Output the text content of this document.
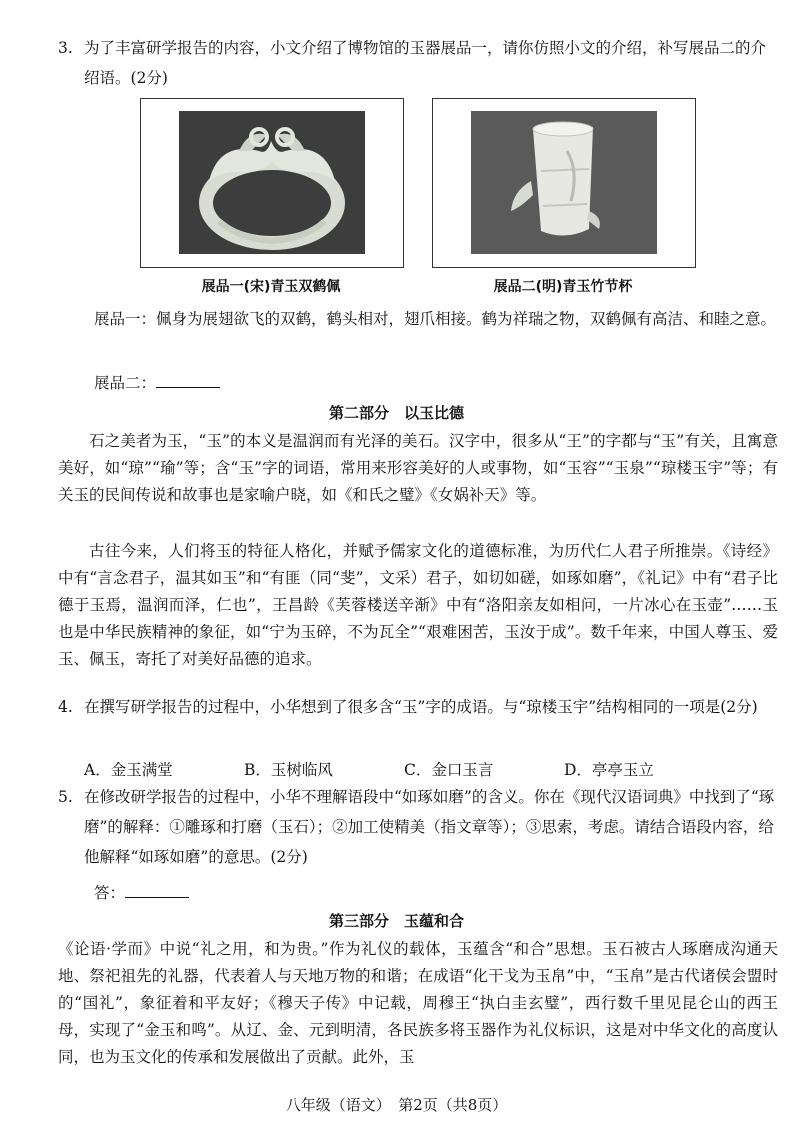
3. 为了丰富研学报告的内容，小文介绍了博物馆的玉器展品一，请你仿照小文的介绍，补写展品二的介绍语。(2分)
展品一(宋)青玉双鹤佩	展品二(明)青玉竹节杯
展品一：佩身为展翅欲飞的双鹤，鹤头相对，翅爪相接。鹤为祥瑞之物，双鹤佩有高洁、和睦之意。
展品二：
第二部分　以玉比德
石之美者为玉，“玉”的本义是温润而有光泽的美石。汉字中，很多从“王”的字都与“玉”有关，且寓意美好，如“琼”“瑜”等；含“玉”字的词语，常用来形容美好的人或事物，如“玉容”“玉泉”“琼楼玉宇”等；有关玉的民间传说和故事也是家喻户晓，如《和氏之璧》《女娲补天》等。
古往今来，人们将玉的特征人格化，并赋予儒家文化的道德标准，为历代仁人君子所推崇。《诗经》中有“言念君子，温其如玉”和“有匪（同“斐”，文采）君子，如切如磋，如琢如磨”，《礼记》中有“君子比德于玉焉，温润而泽，仁也”，王昌龄《芙蓉楼送辛渐》中有“洛阳亲友如相问，一片冰心在玉壶”……玉也是中华民族精神的象征，如“宁为玉碎，不为瓦全”“艰难困苦，玉汝于成”。数千年来，中国人尊玉、爱玉、佩玉，寄托了对美好品德的追求。
4. 在撰写研学报告的过程中，小华想到了很多含“玉”字的成语。与“琼楼玉宇”结构相同的一项是(2分)
A．金玉满堂	B．玉树临风	C．金口玉言	D．亭亭玉立
5. 在修改研学报告的过程中，小华不理解语段中“如琢如磨”的含义。你在《现代汉语词典》中找到了“琢磨”的解释：①雕琢和打磨（玉石）；②加工使精美（指文章等）；③思索，考虑。请结合语段内容，给他解释“如琢如磨”的意思。(2分)
答：
第三部分　玉蕴和合
《论语·学而》中说“礼之用，和为贵。”作为礼仪的载体，玉蕴含“和合”思想。玉石被古人琢磨成沟通天地、祭祀祖先的礼器，代表着人与天地万物的和谐；在成语“化干戈为玉帛”中，“玉帛”是古代诸侯会盟时的“国礼”，象征着和平友好；《穆天子传》中记载，周穆王“执白圭玄璧”，西行数千里见昆仑山的西王母，实现了“金玉和鸣”。从辽、金、元到明清，各民族多将玉器作为礼仪标识，这是对中华文化的高度认同，也为玉文化的传承和发展做出了贡献。此外，玉
八年级（语文）　第2页（共8页）
